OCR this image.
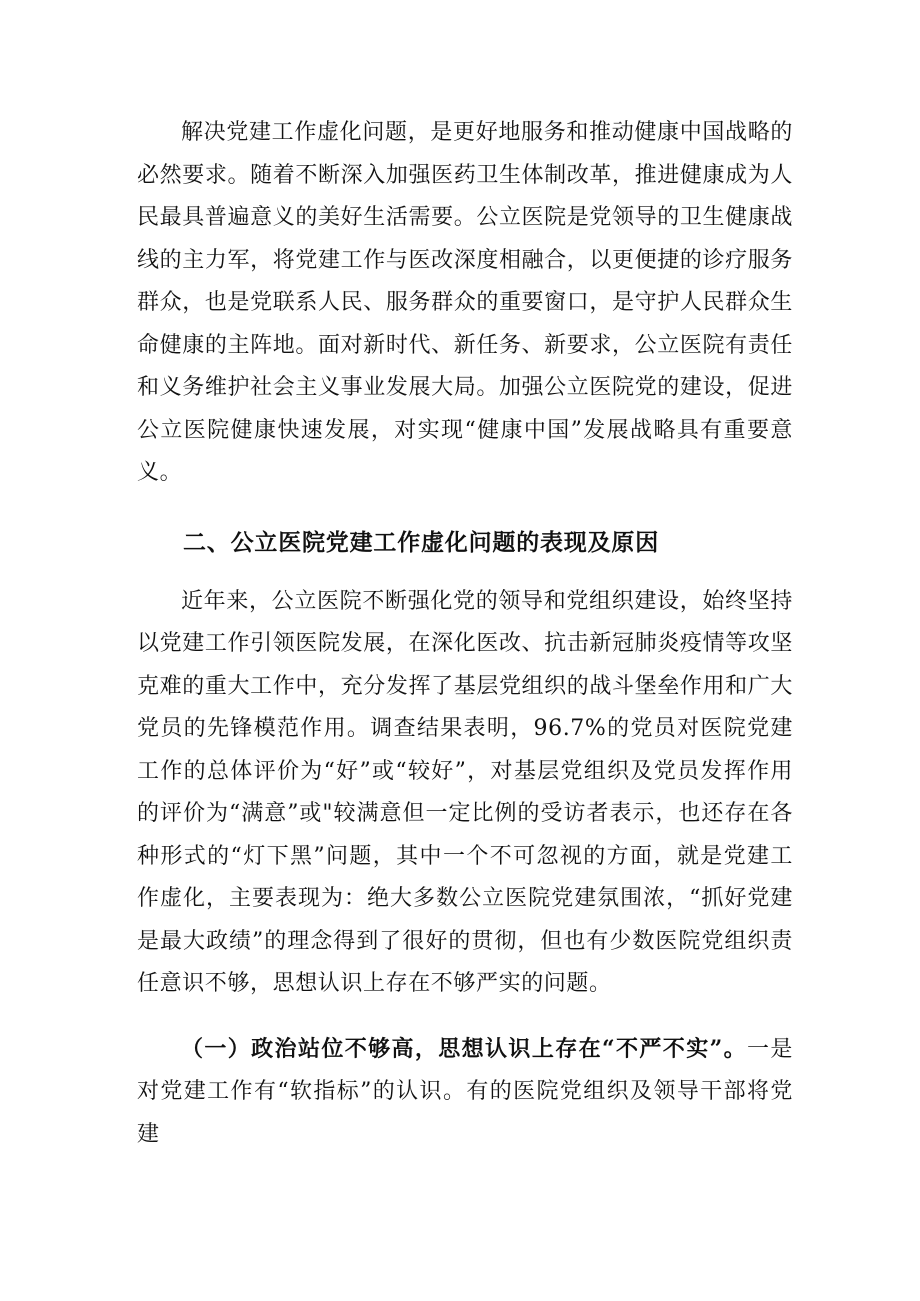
解决党建工作虚化问题，是更好地服务和推动健康中国战略的必然要求。随着不断深入加强医药卫生体制改革，推进健康成为人民最具普遍意义的美好生活需要。公立医院是党领导的卫生健康战线的主力军，将党建工作与医改深度相融合，以更便捷的诊疗服务群众，也是党联系人民、服务群众的重要窗口，是守护人民群众生命健康的主阵地。面对新时代、新任务、新要求，公立医院有责任和义务维护社会主义事业发展大局。加强公立医院党的建设，促进公立医院健康快速发展，对实现“健康中国”发展战略具有重要意义。

二、公立医院党建工作虚化问题的表现及原因

近年来，公立医院不断强化党的领导和党组织建设，始终坚持以党建工作引领医院发展，在深化医改、抗击新冠肺炎疫情等攻坚克难的重大工作中，充分发挥了基层党组织的战斗堡垒作用和广大党员的先锋模范作用。调查结果表明，96.7%的党员对医院党建工作的总体评价为“好”或“较好”，对基层党组织及党员发挥作用的评价为“满意”或"较满意但一定比例的受访者表示，也还存在各种形式的“灯下黑”问题，其中一个不可忽视的方面，就是党建工作虚化，主要表现为：绝大多数公立医院党建氛围浓，“抓好党建是最大政绩”的理念得到了很好的贯彻，但也有少数医院党组织责任意识不够，思想认识上存在不够严实的问题。

（一）政治站位不够高，思想认识上存在“不严不实”。一是对党建工作有“软指标”的认识。有的医院党组织及领导干部将党建
